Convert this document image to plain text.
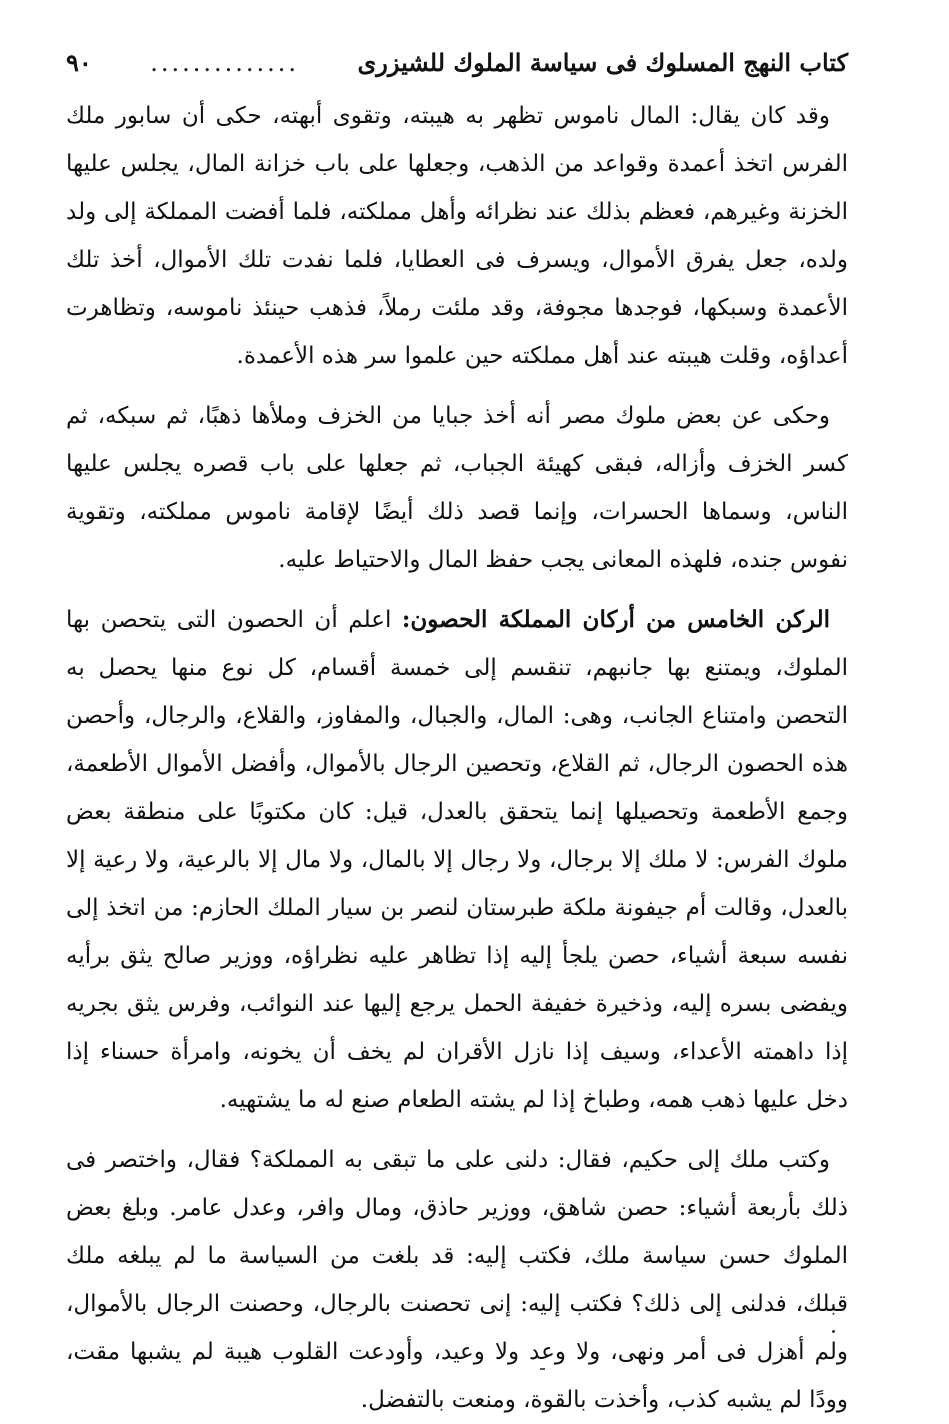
كتاب النهج المسلوك فى سياسة الملوك للشيزرى
..............
٩٠

وقد كان يقال: المال ناموس تظهر به هيبته، وتقوى أبهته، حكى أن سابور ملك الفرس اتخذ أعمدة وقواعد من الذهب، وجعلها على باب خزانة المال، يجلس عليها الخزنة وغيرهم، فعظم بذلك عند نظرائه وأهل مملكته، فلما أفضت المملكة إلى ولد ولده، جعل يفرق الأموال، ويسرف فى العطايا، فلما نفدت تلك الأموال، أخذ تلك الأعمدة وسبكها، فوجدها مجوفة، وقد ملئت رملاً، فذهب حينئذ ناموسه، وتظاهرت أعداؤه، وقلت هيبته عند أهل مملكته حين علموا سر هذه الأعمدة.

وحكى عن بعض ملوك مصر أنه أخذ جبايا من الخزف وملأها ذهبًا، ثم سبكه، ثم كسر الخزف وأزاله، فبقى كهيئة الجباب، ثم جعلها على باب قصره يجلس عليها الناس، وسماها الحسرات، وإنما قصد ذلك أيضًا لإقامة ناموس مملكته، وتقوية نفوس جنده، فلهذه المعانى يجب حفظ المال والاحتياط عليه.

الركن الخامس من أركان المملكة الحصون: اعلم أن الحصون التى يتحصن بها الملوك، ويمتنع بها جانبهم، تنقسم إلى خمسة أقسام، كل نوع منها يحصل به التحصن وامتناع الجانب، وهى: المال، والجبال، والمفاوز، والقلاع، والرجال، وأحصن هذه الحصون الرجال، ثم القلاع، وتحصين الرجال بالأموال، وأفضل الأموال الأطعمة، وجمع الأطعمة وتحصيلها إنما يتحقق بالعدل، قيل: كان مكتوبًا على منطقة بعض ملوك الفرس: لا ملك إلا برجال، ولا رجال إلا بالمال، ولا مال إلا بالرعية، ولا رعية إلا بالعدل، وقالت أم جيفونة ملكة طبرستان لنصر بن سيار الملك الحازم: من اتخذ إلى نفسه سبعة أشياء، حصن يلجأ إليه إذا تظاهر عليه نظراؤه، ووزير صالح يثق برأيه ويفضى بسره إليه، وذخيرة خفيفة الحمل يرجع إليها عند النوائب، وفرس يثق بجريه إذا داهمته الأعداء، وسيف إذا نازل الأقران لم يخف أن يخونه، وامرأة حسناء إذا دخل عليها ذهب همه، وطباخ إذا لم يشته الطعام صنع له ما يشتهيه.

وكتب ملك إلى حكيم، فقال: دلنى على ما تبقى به المملكة؟ فقال، واختصر فى ذلك بأربعة أشياء: حصن شاهق، ووزير حاذق، ومال وافر، وعدل عامر. وبلغ بعض الملوك حسن سياسة ملك، فكتب إليه: قد بلغت من السياسة ما لم يبلغه ملك قبلك، فدلنى إلى ذلك؟ فكتب إليه: إنى تحصنت بالرجال، وحصنت الرجال بالأموال، ولم أهزل فى أمر ونهى، ولا وعد ولا وعيد، وأودعت القلوب هيبة لم يشبها مقت، وودًا لم يشبه كذب، وأخذت بالقوة، ومنعت بالتفضل.
